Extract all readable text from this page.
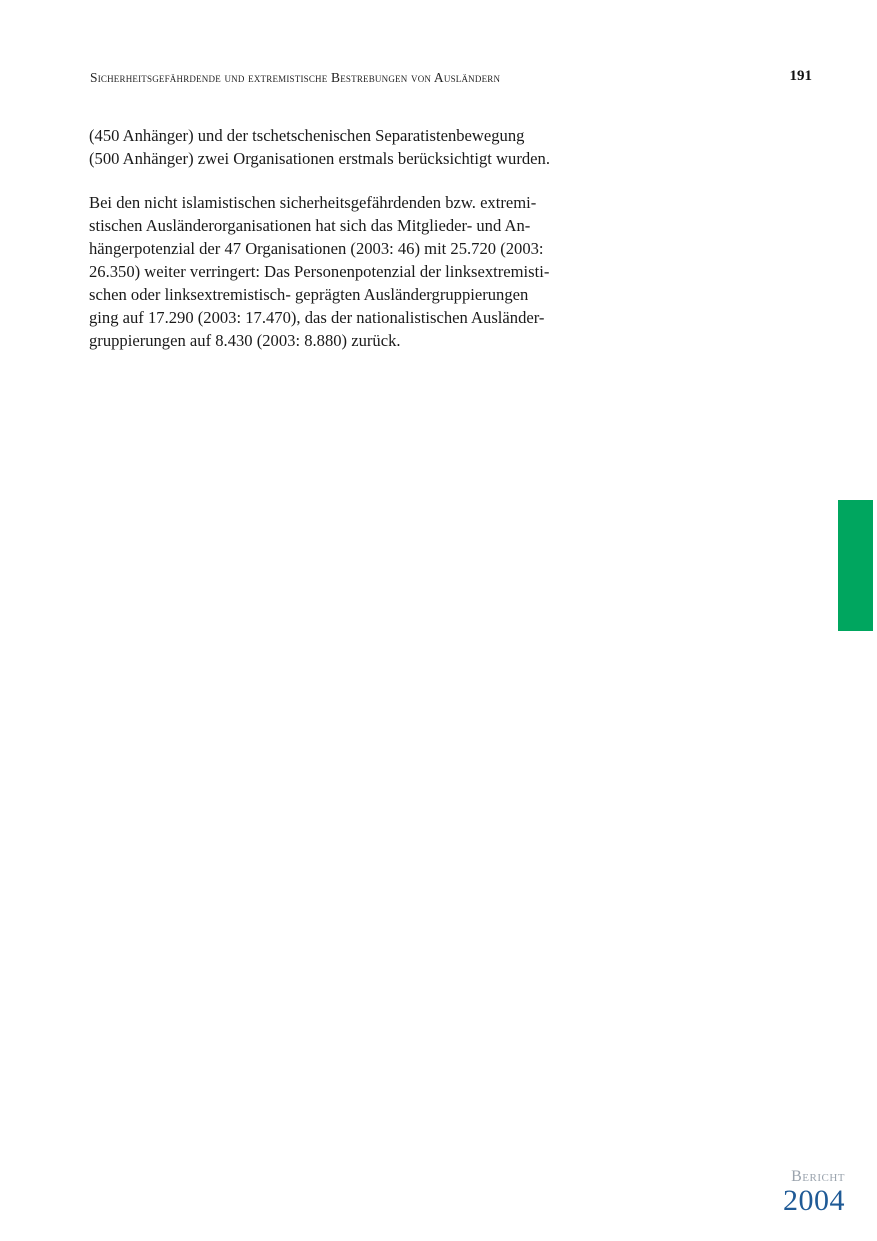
Sicherheitsgefährdende und extremistische Bestrebungen von Ausländern	191

(450 Anhänger) und der tschetschenischen Separatistenbewegung
(500 Anhänger) zwei Organisationen erstmals berücksichtigt wurden.

Bei den nicht islamistischen sicherheitsgefährdenden bzw. extremi-
stischen Ausländerorganisationen hat sich das Mitglieder- und An-
hängerpotenzial der 47 Organisationen (2003: 46) mit 25.720 (2003:
26.350) weiter verringert: Das Personenpotenzial der linksextremisti-
schen oder linksextremistisch- geprägten Ausländergruppierungen
ging auf 17.290 (2003: 17.470), das der nationalistischen Ausländer-
gruppierungen auf 8.430 (2003: 8.880) zurück.

Bericht
2004
